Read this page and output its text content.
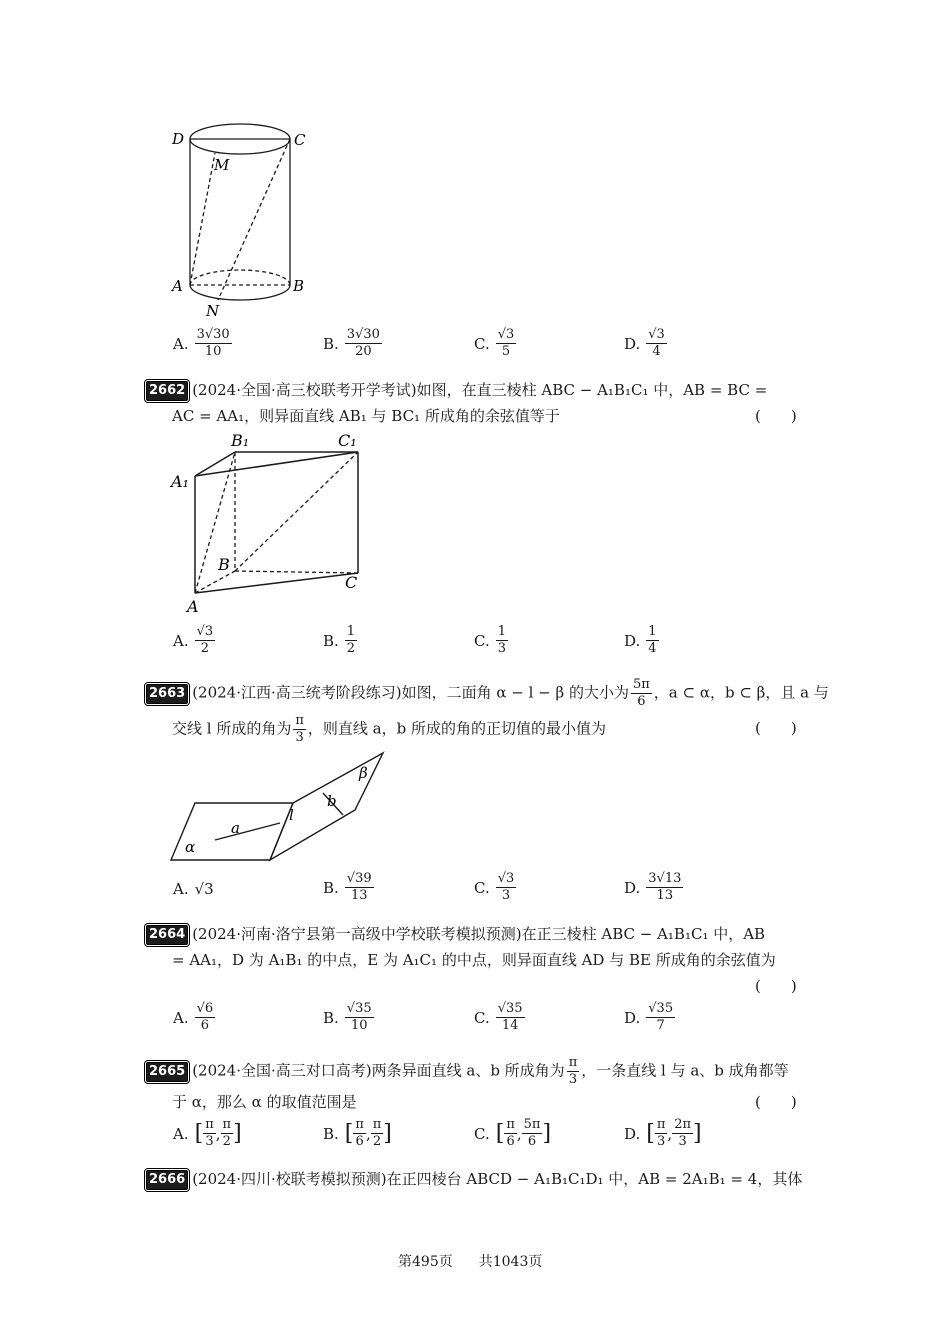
D	C
M
A	B
N
A. $\frac{3√30}{10}$	B. $\frac{3√30}{20}$	C. $\frac{√3}{5}$	D. $\frac{√3}{4}$
2662 (2024·全国·高三校联考开学考试)如图，在直三棱柱 ABC − A₁B₁C₁ 中，AB = BC =
AC = AA₁，则异面直线 AB₁ 与 BC₁ 所成角的余弦值等于	(　　)
B₁	C₁
A₁
B
C
A
A. $\frac{√3}{2}$	B. $\frac{1}{2}$	C. $\frac{1}{3}$	D. $\frac{1}{4}$
2663 (2024·江西·高三统考阶段练习)如图，二面角 α − l − β 的大小为 $\frac{5\pi}{6}$ ，a ⊂ α，b ⊂ β，且 a 与
交线 l 所成的角为 $\frac{\pi}{3}$ ，则直线 a，b 所成的角的正切值的最小值为	(　　)
β
b
l
a
α
A. √3	B. $\frac{√39}{13}$	C. $\frac{√3}{3}$	D. $\frac{3√13}{13}$
2664 (2024·河南·洛宁县第一高级中学校联考模拟预测)在正三棱柱 ABC − A₁B₁C₁ 中，AB
= AA₁，D 为 A₁B₁ 的中点，E 为 A₁C₁ 的中点，则异面直线 AD 与 BE 所成角的余弦值为
(　　)
A. $\frac{√6}{6}$	B. $\frac{√35}{10}$	C. $\frac{√35}{14}$	D. $\frac{√35}{7}$
2665 (2024·全国·高三对口高考)两条异面直线 a、b 所成角为 $\frac{\pi}{3}$ ，一条直线 l 与 a、b 成角都等
于 α，那么 α 的取值范围是	(　　)
A. [ $\frac{\pi}{3}$ , $\frac{\pi}{2}$ ]	B. [ $\frac{\pi}{6}$ , $\frac{\pi}{2}$ ]	C. [ $\frac{\pi}{6}$ , $\frac{5\pi}{6}$ ]	D. [ $\frac{\pi}{3}$ , $\frac{2\pi}{3}$ ]
2666 (2024·四川·校联考模拟预测)在正四棱台 ABCD − A₁B₁C₁D₁ 中，AB = 2A₁B₁ = 4，其体
第495页 共1043页
